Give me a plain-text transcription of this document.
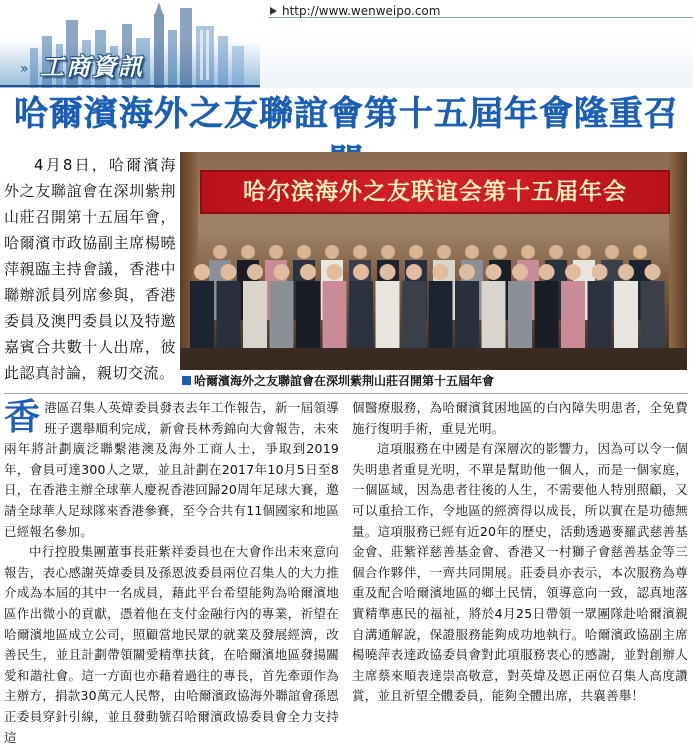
http://www.wenweipo.com
» 工商資訊
哈爾濱海外之友聯誼會第十五屆年會隆重召
4月8日，哈爾濱海外之友聯誼會在深圳紫荆山莊召開第十五屆年會，哈爾濱市政協副主席楊曉萍親臨主持會議，香港中聯辦派員列席參與，香港委員及澳門委員以及特邀嘉賓合共數十人出席，彼此認真討論，親切交流。
哈尔滨海外之友联谊会第十五届年会
哈爾濱海外之友聯誼會在深圳紫荆山莊召開第十五屆年會

香港區召集人英煒委員發表去年工作報告，新一屆領導班子選舉順利完成，新會長林秀錦向大會報告，未來兩年將計劃廣泛聯繫港澳及海外工商人士，爭取到2019年，會員可達300人之眾，並且計劃在2017年10月5日至8日，在香港主辦全球華人慶祝香港回歸20周年足球大賽，邀請全球華人足球隊來香港參賽，至今合共有11個國家和地區已經報名參加。

中行控股集團董事長莊紫祥委員也在大會作出未來意向報告，表心感謝英煒委員及孫恩波委員兩位召集人的大力推介成為本屆的其中一名成員，藉此平台希望能夠為哈爾濱地區作出微小的貢獻，憑着他在支付金融行內的專業，祈望在哈爾濱地區成立公司，照顧當地民眾的就業及發展經濟，改善民生，並且計劃帶領關愛精準扶貧，在哈爾濱地區發揚關愛和諧社會。這一方面也亦藉着過往的專長，首先牽頭作為主辦方，捐款30萬元人民幣，由哈爾濱政協海外聯誼會孫恩正委員穿針引線，並且發動號召哈爾濱政協委員會全力支持這

個醫療服務，為哈爾濱貧困地區的白內障失明患者，全免費施行復明手術，重見光明。

這項服務在中國是有深層次的影響力，因為可以令一個失明患者重見光明，不單是幫助他一個人，而是一個家庭，一個區域，因為患者往後的人生，不需要他人特別照顧，又可以重拾工作，令地區的經濟得以成長，所以實在是功德無量。這項服務已經有近20年的歷史，活動透過麥羅武慈善基金會、莊紫祥慈善基金會、香港又一村獅子會慈善基金等三個合作夥伴，一齊共同開展。莊委員亦表示，本次服務為尊重及配合哈爾濱地區的鄉土民情，領導意向一致，認真地落實精準惠民的福祉，將於4月25日帶領一眾團隊赴哈爾濱親自溝通解說，保證服務能夠成功地執行。哈爾濱政協副主席楊曉萍表達政協委員會對此項服務衷心的感謝，並對創辦人主席蔡來順表達崇高敬意，對英煒及恩正兩位召集人高度讚賞，並且祈望全體委員，能夠全體出席，共襄善舉！
